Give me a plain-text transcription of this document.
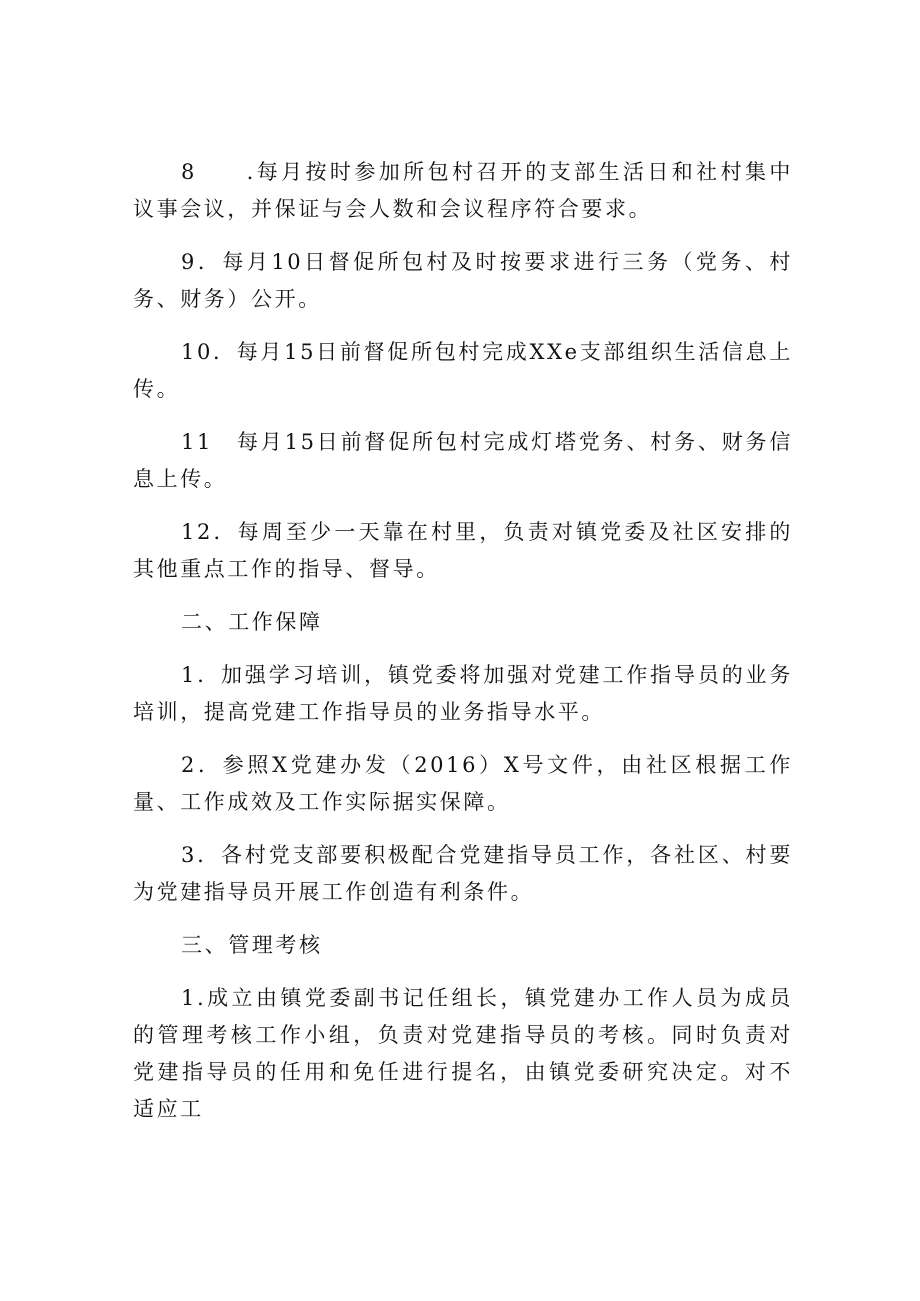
8　　.每月按时参加所包村召开的支部生活日和社村集中议事会议，并保证与会人数和会议程序符合要求。

9．每月10日督促所包村及时按要求进行三务（党务、村务、财务）公开。

10．每月15日前督促所包村完成XXe支部组织生活信息上传。

11　每月15日前督促所包村完成灯塔党务、村务、财务信息上传。

12．每周至少一天靠在村里，负责对镇党委及社区安排的其他重点工作的指导、督导。

二、工作保障

1．加强学习培训，镇党委将加强对党建工作指导员的业务培训，提高党建工作指导员的业务指导水平。

2．参照X党建办发（2016）X号文件，由社区根据工作量、工作成效及工作实际据实保障。

3．各村党支部要积极配合党建指导员工作，各社区、村要为党建指导员开展工作创造有利条件。

三、管理考核

1.成立由镇党委副书记任组长，镇党建办工作人员为成员的管理考核工作小组，负责对党建指导员的考核。同时负责对党建指导员的任用和免任进行提名，由镇党委研究决定。对不适应工
